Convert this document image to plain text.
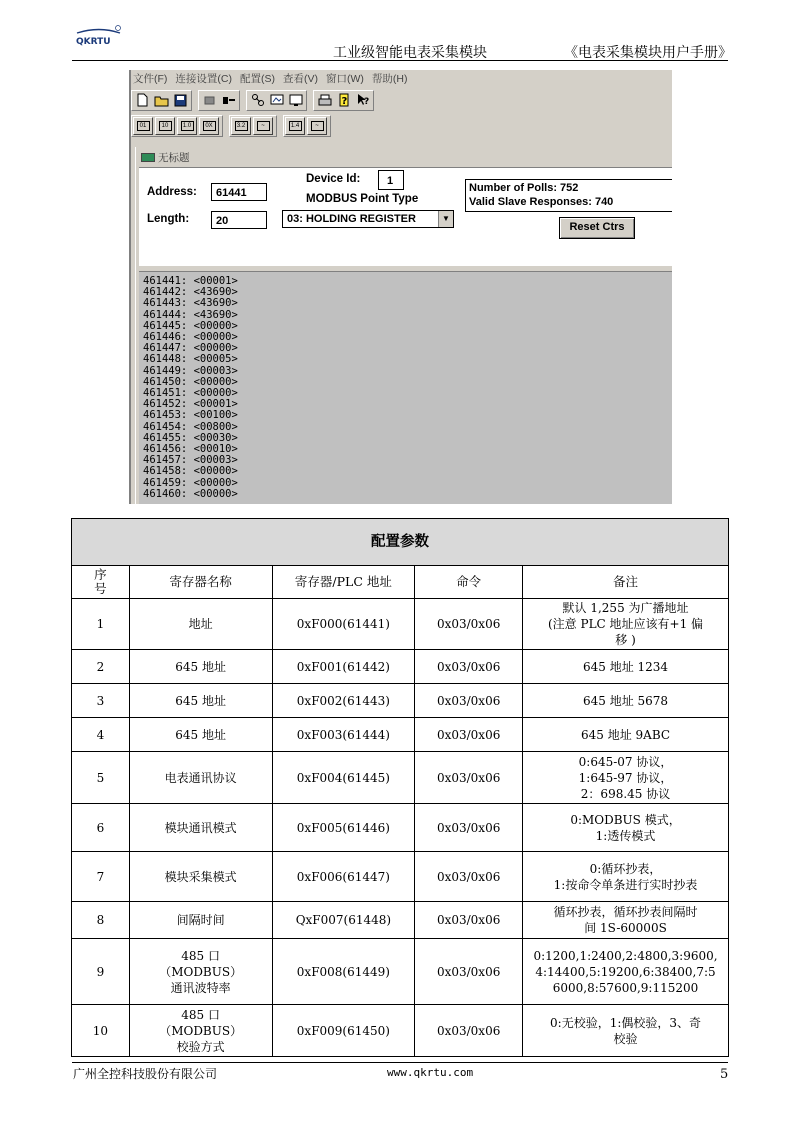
QKRTU
工业级智能电表采集模块	《电表采集模块用户手册》
文件(F) 连接设置(C) 配置(S) 查看(V) 窗口(W) 帮助(H)
? ?
01	10	1.0	0X	3.2	~	1.4	~
无标题
Address:	61441
Length:	20
Device Id:	1
MODBUS Point Type
03: HOLDING REGISTER	▼
Number of Polls: 752
Valid Slave Responses: 740
Reset Ctrs
461441: <00001>
461442: <43690>
461443: <43690>
461444: <43690>
461445: <00000>
461446: <00000>
461447: <00000>
461448: <00005>
461449: <00003>
461450: <00000>
461451: <00000>
461452: <00001>
461453: <00100>
461454: <00800>
461455: <00030>
461456: <00010>
461457: <00003>
461458: <00000>
461459: <00000>
461460: <00000>
配置参数				
序号	寄存器名称	寄存器/PLC 地址	命令	备注
1	地址	0xF000(61441)	0x03/0x06	默认 1,255 为广播地址
(注意 PLC 地址应该有+1 偏
移 )
2	645 地址	0xF001(61442)	0x03/0x06	645 地址 1234
3	645 地址	0xF002(61443)	0x03/0x06	645 地址 5678
4	645 地址	0xF003(61444)	0x03/0x06	645 地址 9ABC
5	电表通讯协议	0xF004(61445)	0x03/0x06	0:645-07 协议，
1:645-97 协议，
2：698.45 协议
6	模块通讯模式	0xF005(61446)	0x03/0x06	0:MODBUS 模式，
1:透传模式
7	模块采集模式	0xF006(61447)	0x03/0x06	0:循环抄表，
1:按命令单条进行实时抄表
8	间隔时间	QxF007(61448)	0x03/0x06	循环抄表，循环抄表间隔时
间 1S-60000S
9	485 口
（MODBUS）
通讯波特率	0xF008(61449)	0x03/0x06	0:1200,1:2400,2:4800,3:9600,
4:14400,5:19200,6:38400,7:5
6000,8:57600,9:115200
10	485 口
（MODBUS）
校验方式	0xF009(61450)	0x03/0x06	0:无校验，1:偶校验，3、奇
校验
广州全控科技股份有限公司	www.qkrtu.com	5
